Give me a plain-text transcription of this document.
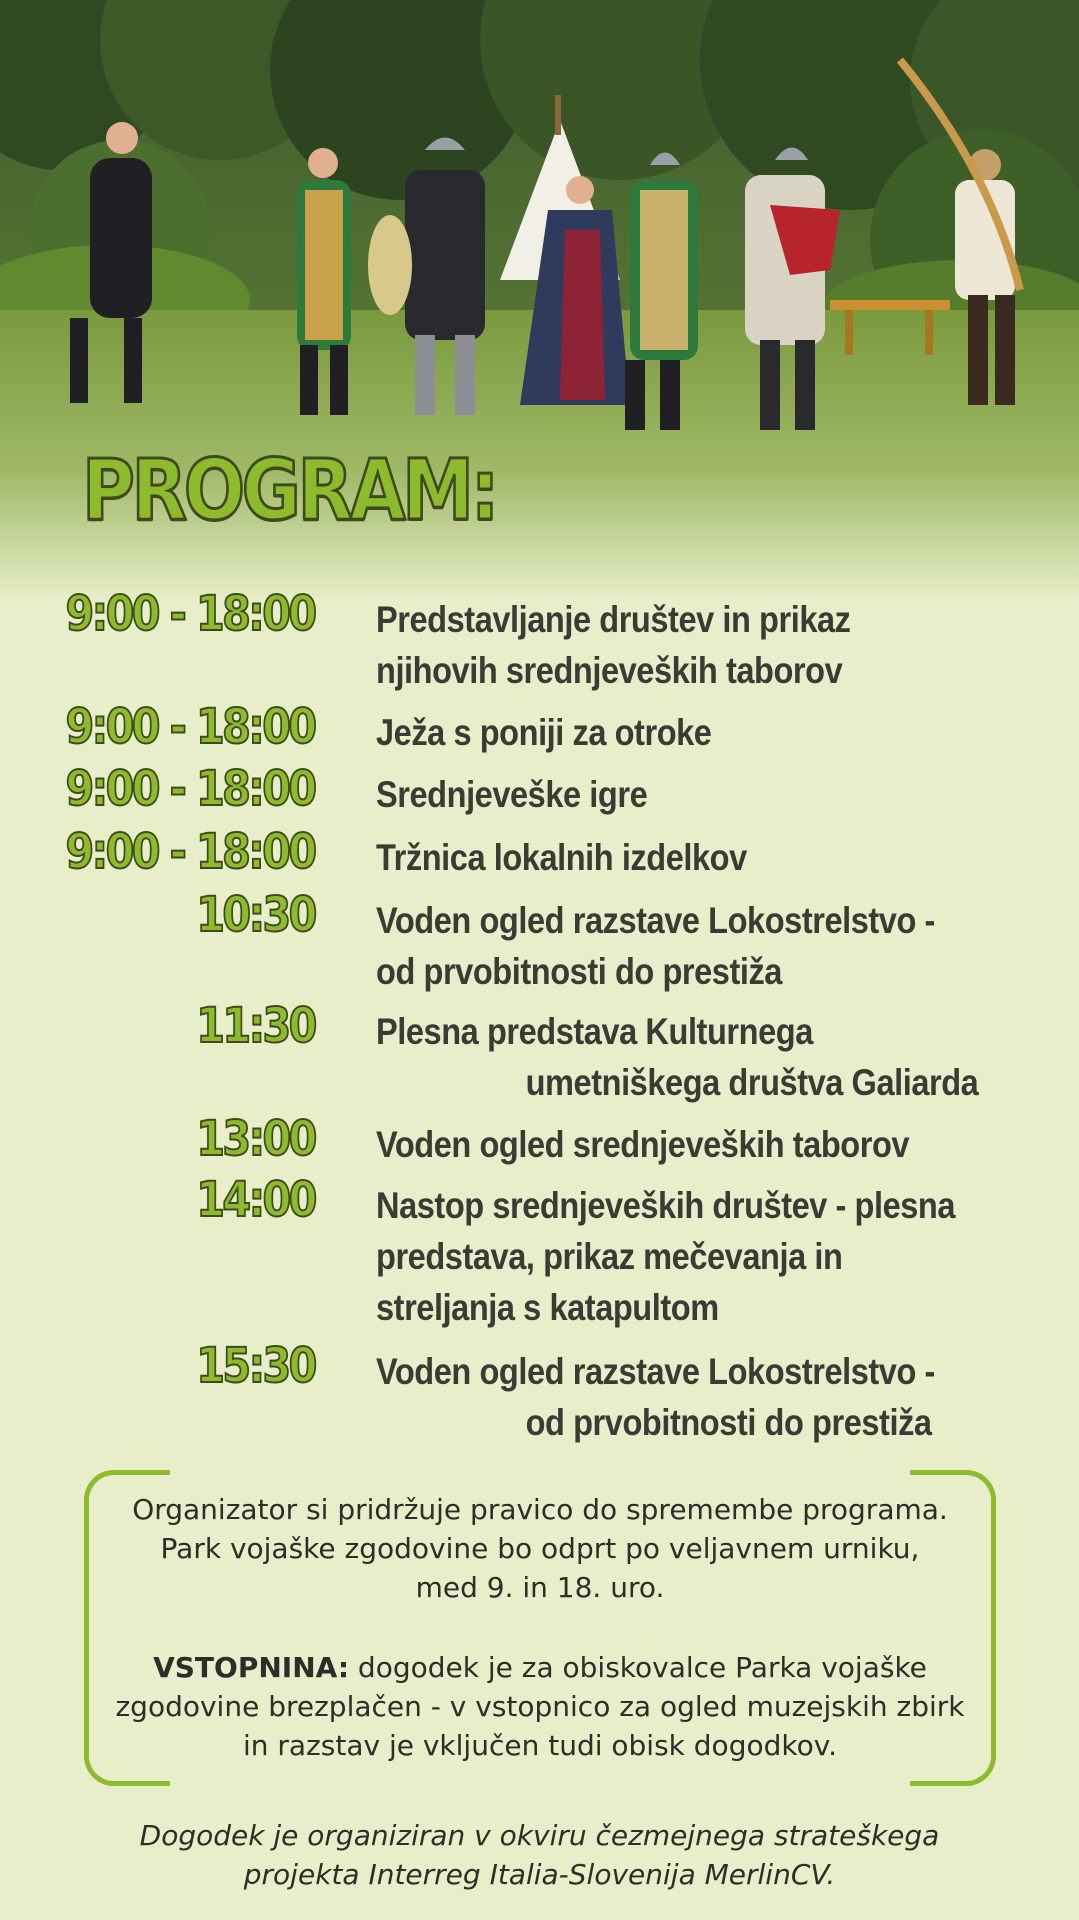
PROGRAM:

9:00 - 18:00 Predstavljanje društev in prikaz
njihovih srednjeveških taborov

9:00 - 18:00 Ježa s poniji za otroke

9:00 - 18:00 Srednjeveške igre

9:00 - 18:00 Tržnica lokalnih izdelkov

10:30 Voden ogled razstave Lokostrelstvo -
od prvobitnosti do prestiža

11:30 Plesna predstava Kulturnega
umetniškega društva Galiarda

13:00 Voden ogled srednjeveških taborov

14:00 Nastop srednjeveških društev - plesna
predstava, prikaz mečevanja in
streljanja s katapultom

15:30 Voden ogled razstave Lokostrelstvo -
od prvobitnosti do prestiža

Organizator si pridržuje pravico do spremembe programa.
Park vojaške zgodovine bo odprt po veljavnem urniku,
med 9. in 18. uro.
VSTOPNINA: dogodek je za obiskovalce Parka vojaške
zgodovine brezplačen - v vstopnico za ogled muzejskih zbirk
in razstav je vključen tudi obisk dogodkov.
Dogodek je organiziran v okviru čezmejnega strateškega
projekta Interreg Italia-Slovenija MerlinCV.
